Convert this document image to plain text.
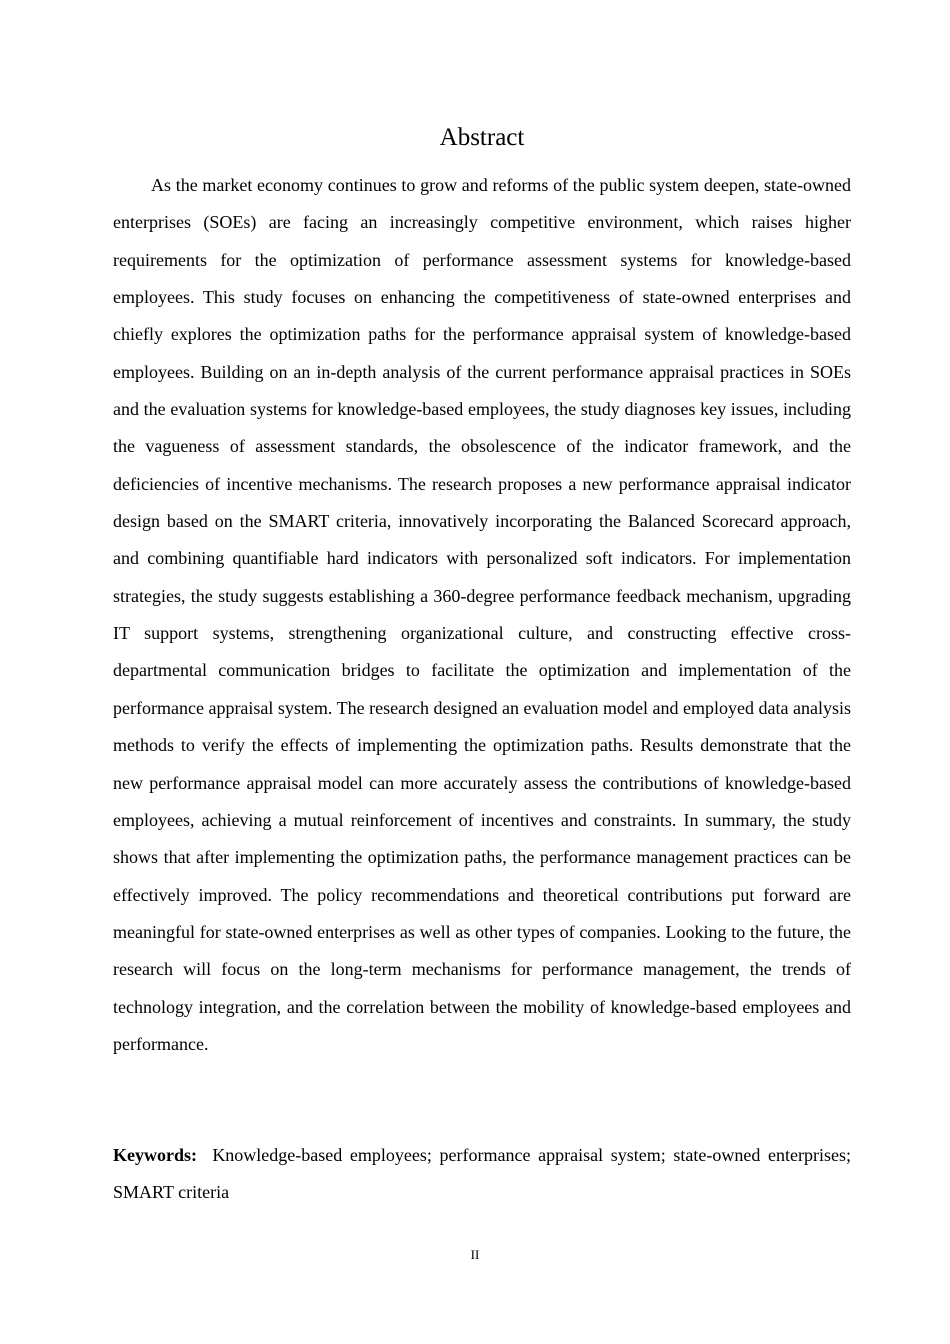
Abstract

As the market economy continues to grow and reforms of the public system deepen, state-owned enterprises (SOEs) are facing an increasingly competitive environment, which raises higher requirements for the optimization of performance assessment systems for knowledge-based employees. This study focuses on enhancing the competitiveness of state-owned enterprises and chiefly explores the optimization paths for the performance appraisal system of knowledge-based employees. Building on an in-depth analysis of the current performance appraisal practices in SOEs and the evaluation systems for knowledge-based employees, the study diagnoses key issues, including the vagueness of assessment standards, the obsolescence of the indicator framework, and the deficiencies of incentive mechanisms. The research proposes a new performance appraisal indicator design based on the SMART criteria, innovatively incorporating the Balanced Scorecard approach, and combining quantifiable hard indicators with personalized soft indicators. For implementation strategies, the study suggests establishing a 360-degree performance feedback mechanism, upgrading IT support systems, strengthening organizational culture, and constructing effective cross-departmental communication bridges to facilitate the optimization and implementation of the performance appraisal system. The research designed an evaluation model and employed data analysis methods to verify the effects of implementing the optimization paths. Results demonstrate that the new performance appraisal model can more accurately assess the contributions of knowledge-based employees, achieving a mutual reinforcement of incentives and constraints. In summary, the study shows that after implementing the optimization paths, the performance management practices can be effectively improved. The policy recommendations and theoretical contributions put forward are meaningful for state-owned enterprises as well as other types of companies. Looking to the future, the research will focus on the long-term mechanisms for performance management, the trends of technology integration, and the correlation between the mobility of knowledge-based employees and performance.

Keywords: Knowledge-based employees; performance appraisal system; state-owned enterprises; SMART criteria

II
